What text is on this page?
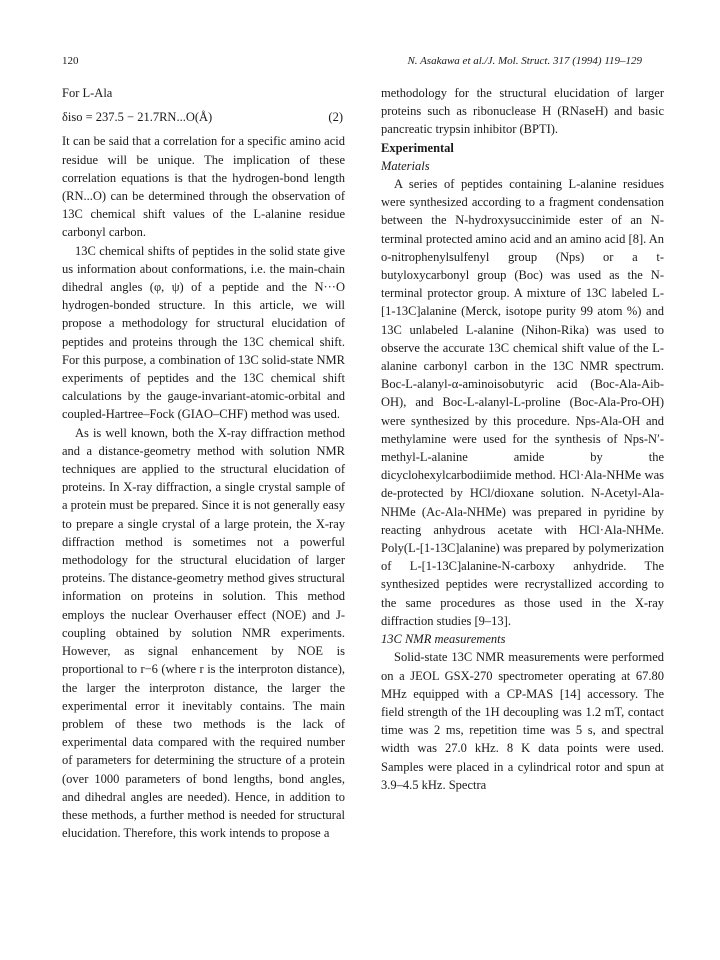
120	N. Asakawa et al./J. Mol. Struct. 317 (1994) 119–129

For L-Ala

δiso = 237.5 − 21.7RN...O(Å)	(2)

It can be said that a correlation for a specific amino acid residue will be unique. The implication of these correlation equations is that the hydrogen-bond length (RN...O) can be determined through the observation of 13C chemical shift values of the L-alanine residue carbonyl carbon.

13C chemical shifts of peptides in the solid state give us information about conformations, i.e. the main-chain dihedral angles (φ, ψ) of a peptide and the N···O hydrogen-bonded structure. In this article, we will propose a methodology for structural elucidation of peptides and proteins through the 13C chemical shift. For this purpose, a combination of 13C solid-state NMR experiments of peptides and the 13C chemical shift calculations by the gauge-invariant-atomic-orbital and coupled-Hartree–Fock (GIAO–CHF) method was used.

As is well known, both the X-ray diffraction method and a distance-geometry method with solution NMR techniques are applied to the structural elucidation of proteins. In X-ray diffraction, a single crystal sample of a protein must be prepared. Since it is not generally easy to prepare a single crystal of a large protein, the X-ray diffraction method is sometimes not a powerful methodology for the structural elucidation of larger proteins. The distance-geometry method gives structural information on proteins in solution. This method employs the nuclear Overhauser effect (NOE) and J-coupling obtained by solution NMR experiments. However, as signal enhancement by NOE is proportional to r−6 (where r is the interproton distance), the larger the interproton distance, the larger the experimental error it inevitably contains. The main problem of these two methods is the lack of experimental data compared with the required number of parameters for determining the structure of a protein (over 1000 parameters of bond lengths, bond angles, and dihedral angles are needed). Hence, in addition to these methods, a further method is needed for structural elucidation. Therefore, this work intends to propose a

methodology for the structural elucidation of larger proteins such as ribonuclease H (RNaseH) and basic pancreatic trypsin inhibitor (BPTI).

Experimental

Materials

A series of peptides containing L-alanine residues were synthesized according to a fragment condensation between the N-hydroxysuccinimide ester of an N-terminal protected amino acid and an amino acid [8]. An o-nitrophenylsulfenyl group (Nps) or a t-butyloxycarbonyl group (Boc) was used as the N-terminal protector group. A mixture of 13C labeled L-[1-13C]alanine (Merck, isotope purity 99 atom %) and 13C unlabeled L-alanine (Nihon-Rika) was used to observe the accurate 13C chemical shift value of the L-alanine carbonyl carbon in the 13C NMR spectrum. Boc-L-alanyl-α-aminoisobutyric acid (Boc-Ala-Aib-OH), and Boc-L-alanyl-L-proline (Boc-Ala-Pro-OH) were synthesized by this procedure. Nps-Ala-OH and methylamine were used for the synthesis of Nps-N′-methyl-L-alanine amide by the dicyclohexylcarbodiimide method. HCl·Ala-NHMe was de-protected by HCl/dioxane solution. N-Acetyl-Ala-NHMe (Ac-Ala-NHMe) was prepared in pyridine by reacting anhydrous acetate with HCl·Ala-NHMe. Poly(L-[1-13C]alanine) was prepared by polymerization of L-[1-13C]alanine-N-carboxy anhydride. The synthesized peptides were recrystallized according to the same procedures as those used in the X-ray diffraction studies [9–13].

13C NMR measurements

Solid-state 13C NMR measurements were performed on a JEOL GSX-270 spectrometer operating at 67.80 MHz equipped with a CP-MAS [14] accessory. The field strength of the 1H decoupling was 1.2 mT, contact time was 2 ms, repetition time was 5 s, and spectral width was 27.0 kHz. 8 K data points were used. Samples were placed in a cylindrical rotor and spun at 3.9–4.5 kHz. Spectra
